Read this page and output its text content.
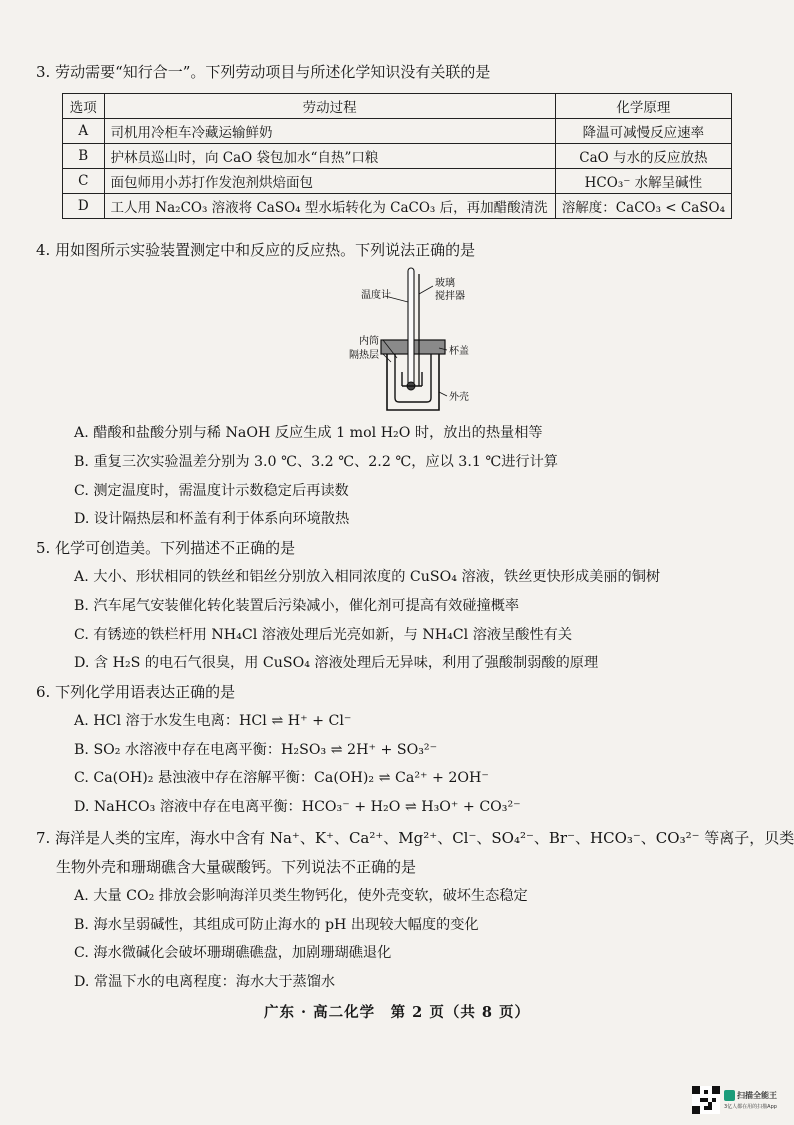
3. 劳动需要“知行合一”。下列劳动项目与所述化学知识没有关联的是
选项	劳动过程	化学原理
A	司机用冷柜车冷藏运输鲜奶	降温可减慢反应速率
B	护林员巡山时，向 CaO 袋包加水“自热”口粮	CaO 与水的反应放热
C	面包师用小苏打作发泡剂烘焙面包	HCO₃⁻ 水解呈碱性
D	工人用 Na₂CO₃ 溶液将 CaSO₄ 型水垢转化为 CaCO₃ 后，再加醋酸清洗	溶解度：CaCO₃ < CaSO₄
4. 用如图所示实验装置测定中和反应的反应热。下列说法正确的是
温度计
玻璃
搅拌器
内筒
隔热层	杯盖
外壳
A. 醋酸和盐酸分别与稀 NaOH 反应生成 1 mol H₂O 时，放出的热量相等
B. 重复三次实验温差分别为 3.0 ℃、3.2 ℃、2.2 ℃，应以 3.1 ℃进行计算
C. 测定温度时，需温度计示数稳定后再读数
D. 设计隔热层和杯盖有利于体系向环境散热
5. 化学可创造美。下列描述不正确的是
A. 大小、形状相同的铁丝和铝丝分别放入相同浓度的 CuSO₄ 溶液，铁丝更快形成美丽的铜树
B. 汽车尾气安装催化转化装置后污染减小，催化剂可提高有效碰撞概率
C. 有锈迹的铁栏杆用 NH₄Cl 溶液处理后光亮如新，与 NH₄Cl 溶液呈酸性有关
D. 含 H₂S 的电石气很臭，用 CuSO₄ 溶液处理后无异味，利用了强酸制弱酸的原理
6. 下列化学用语表达正确的是
A. HCl 溶于水发生电离：HCl ⇌ H⁺ + Cl⁻
B. SO₂ 水溶液中存在电离平衡：H₂SO₃ ⇌ 2H⁺ + SO₃²⁻
C. Ca(OH)₂ 悬浊液中存在溶解平衡：Ca(OH)₂ ⇌ Ca²⁺ + 2OH⁻
D. NaHCO₃ 溶液中存在电离平衡：HCO₃⁻ + H₂O ⇌ H₃O⁺ + CO₃²⁻
7. 海洋是人类的宝库，海水中含有 Na⁺、K⁺、Ca²⁺、Mg²⁺、Cl⁻、SO₄²⁻、Br⁻、HCO₃⁻、CO₃²⁻ 等离子，贝类
生物外壳和珊瑚礁含大量碳酸钙。下列说法不正确的是
A. 大量 CO₂ 排放会影响海洋贝类生物钙化，使外壳变软，破坏生态稳定
B. 海水呈弱碱性，其组成可防止海水的 pH 出现较大幅度的变化
C. 海水微碱化会破坏珊瑚礁礁盘，加剧珊瑚礁退化
D. 常温下水的电离程度：海水大于蒸馏水
广东 · 高二化学　第 2 页（共 8 页）
扫描全能王
3亿人都在用的扫描App
